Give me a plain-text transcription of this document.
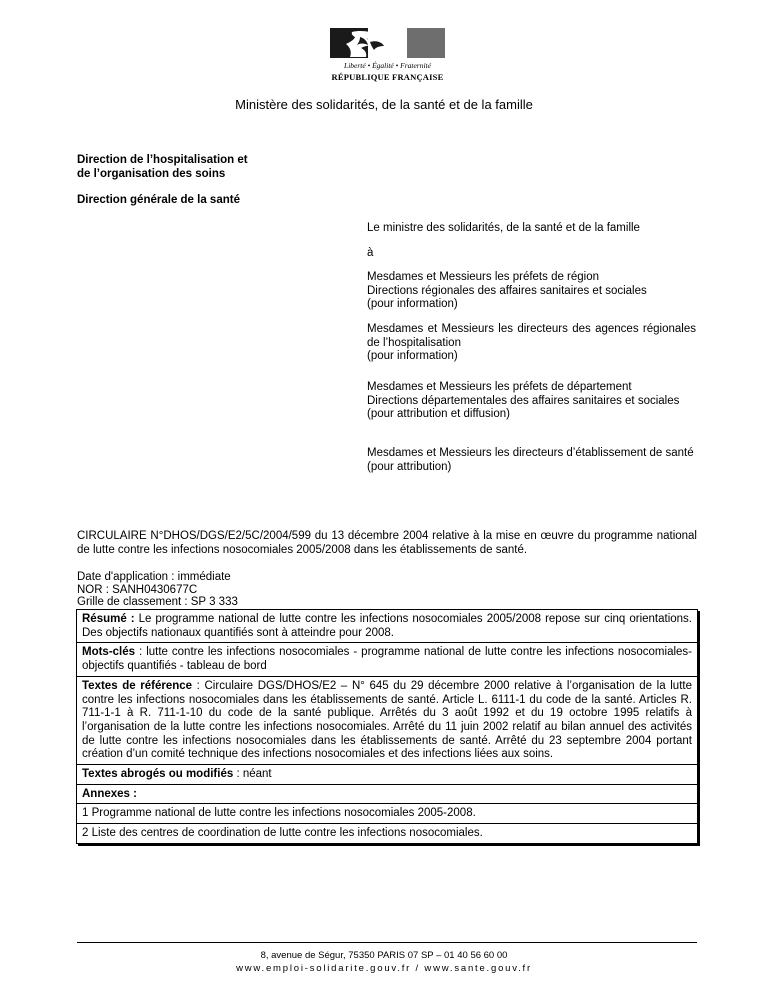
Liberté • Égalité • Fraternité
RÉPUBLIQUE FRANÇAISE
Ministère des solidarités, de la santé et de la famille
Direction de l’hospitalisation et
de l’organisation des soins
Direction générale de la santé
Le ministre des solidarités, de la santé et de la famille
à

Mesdames et Messieurs les préfets de région

Directions régionales des affaires sanitaires et sociales

(pour information)

Mesdames et Messieurs les directeurs des agences régionales de l’hospitalisation

(pour information)

Mesdames et Messieurs les préfets de département

Directions départementales des affaires sanitaires et sociales

(pour attribution et diffusion)

Mesdames et Messieurs les directeurs d’établissement de santé

(pour attribution)

CIRCULAIRE N°DHOS/DGS/E2/5C/2004/599 du 13 décembre 2004 relative à la mise en œuvre du programme national de lutte contre les infections nosocomiales 2005/2008 dans les établissements de santé.
Date d'application : immédiate
NOR : SANH0430677C
Grille de classement : SP 3 333
Résumé : Le programme national de lutte contre les infections nosocomiales 2005/2008 repose sur cinq orientations. Des objectifs nationaux quantifiés sont à atteindre pour 2008.
Mots-clés : lutte contre les infections nosocomiales - programme national de lutte contre les infections nosocomiales- objectifs quantifiés - tableau de bord
Textes de référence : Circulaire DGS/DHOS/E2 – N° 645 du 29 décembre 2000 relative à l’organisation de la lutte contre les infections nosocomiales dans les établissements de santé. Article L. 6111-1 du code de la santé. Articles R. 711-1-1 à R. 711-1-10 du code de la santé publique. Arrêtés du 3 août 1992 et du 19 octobre 1995 relatifs à l’organisation de la lutte contre les infections nosocomiales. Arrêté du 11 juin 2002 relatif au bilan annuel des activités de lutte contre les infections nosocomiales dans les établissements de santé. Arrêté du 23 septembre 2004 portant création d’un comité technique des infections nosocomiales et des infections liées aux soins.
Textes abrogés ou modifiés : néant
Annexes :
1 Programme national de lutte contre les infections nosocomiales 2005-2008.
2 Liste des centres de coordination de lutte contre les infections nosocomiales.
8, avenue de Ségur, 75350 PARIS 07 SP – 01 40 56 60 00
www.emploi-solidarite.gouv.fr / www.sante.gouv.fr
